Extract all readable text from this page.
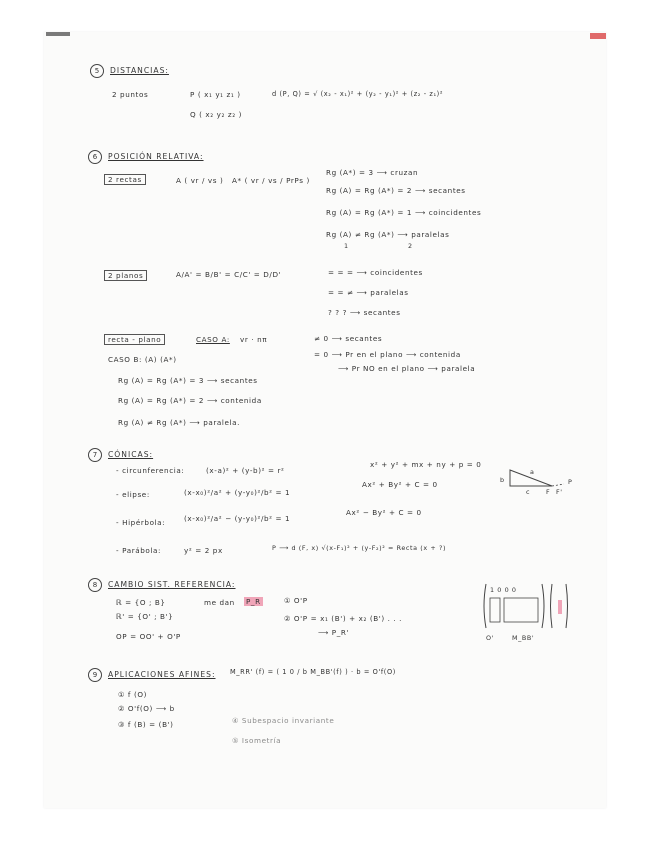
5	DISTANCIAS:
2 puntos	P ( x₁ y₁ z₁ )
Q ( x₂ y₂ z₂ )
d (P, Q) = √ (x₂ - x₁)² + (y₂ - y₁)² + (z₂ - z₁)²
6	POSICIÓN RELATIVA:
2 rectas	A ( vr / vs ) A* ( vr / vs / PrPs )
Rg (A*) = 3 ⟶ cruzan
Rg (A) = Rg (A*) = 2 ⟶ secantes
Rg (A) = Rg (A*) = 1 ⟶ coincidentes
Rg (A) ≠ Rg (A*) ⟶ paralelas
1	2
2 planos	A/A' = B/B' = C/C' = D/D'	= = = ⟶ coincidentes
= = ≠ ⟶ paralelas
? ? ? ⟶ secantes
recta - plano	CASO A: vr · nπ	≠ 0 ⟶ secantes
= 0 ⟶ Pr en el plano ⟶ contenida
⟶ Pr NO en el plano ⟶ paralela
CASO B: (A) (A*)
Rg (A) = Rg (A*) = 3 ⟶ secantes
Rg (A) = Rg (A*) = 2 ⟶ contenida
Rg (A) ≠ Rg (A*) ⟶ paralela.
7	CÓNICAS:
- circunferencia:	(x-a)² + (y-b)² = r²
x² + y² + mx + ny + p = 0
- elipse:	(x-x₀)²/a² + (y-y₀)²/b² = 1
Ax² + By² + C = 0
- Hipérbola:	(x-x₀)²/a² − (y-y₀)²/b² = 1
Ax² − By² + C = 0
- Parábola:	y² = 2 px	P ⟶ d (F, x) √(x-F₁)² + (y-F₂)² = Recta (x + ?)
a
b
c F F'
P
8	CAMBIO SIST. REFERENCIA:
ℝ = {O ; B}
ℝ' = {O' ; B'}
me dan P_R	① O'P
② O'P = x₁ (B') + x₂ (B') . . .
⟶ P_R'
OP = OO' + O'P
1 0 0 0
O'	M_BB'
9	APLICACIONES AFINES: M_RR' (f) = ( 1 0 / b M_BB'(f) ) · b = O'f(O)
① f (O)
② O'f(O) ⟶ b
③ f (B) = (B')	④ Subespacio invariante
⑤ Isometría
